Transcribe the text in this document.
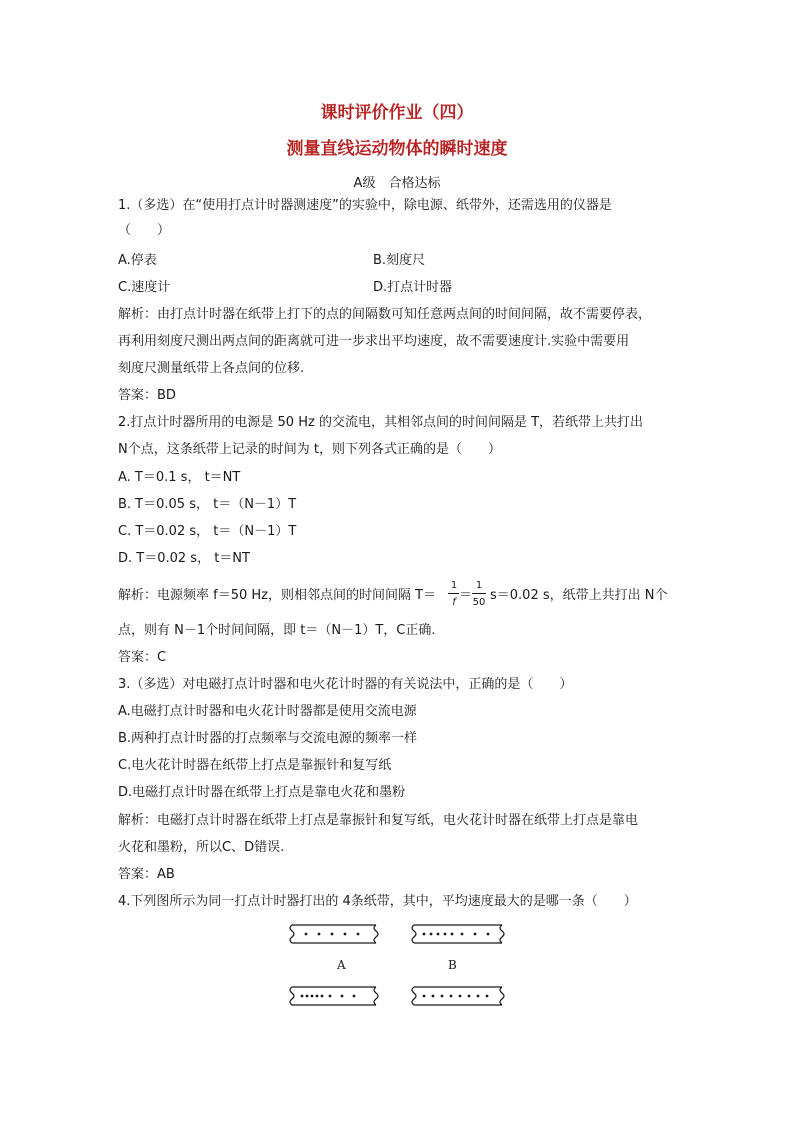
课时评价作业（四）
测量直线运动物体的瞬时速度
A级　合格达标
1.（多选）在“使用打点计时器测速度”的实验中，除电源、纸带外，还需选用的仪器是
（　　）
A.停表	B.刻度尺
C.速度计	D.打点计时器
解析：由打点计时器在纸带上打下的点的间隔数可知任意两点间的时间间隔，故不需要停表，
再利用刻度尺测出两点间的距离就可进一步求出平均速度，故不需要速度计.实验中需要用
刻度尺测量纸带上各点间的位移.
答案：BD
2.打点计时器所用的电源是 50 Hz 的交流电，其相邻点间的时间间隔是 T，若纸带上共打出
N个点，这条纸带上记录的时间为 t，则下列各式正确的是（　　）
A. T＝0.1 s， t＝NT
B. T＝0.05 s， t＝（N－1）T
C. T＝0.02 s， t＝（N－1）T
D. T＝0.02 s， t＝NT
解析：电源频率 f＝50 Hz，则相邻点间的时间间隔 T＝
1
f ＝
1
50 s＝0.02 s，纸带上共打出 N个
点，则有 N－1个时间间隔，即 t＝（N－1）T，C正确.
答案：C
3.（多选）对电磁打点计时器和电火花计时器的有关说法中，正确的是（　　）
A.电磁打点计时器和电火花计时器都是使用交流电源
B.两种打点计时器的打点频率与交流电源的频率一样
C.电火花计时器在纸带上打点是靠振针和复写纸
D.电磁打点计时器在纸带上打点是靠电火花和墨粉
解析：电磁打点计时器在纸带上打点是靠振针和复写纸，电火花计时器在纸带上打点是靠电
火花和墨粉，所以C、D错误.
答案：AB
4.下列图所示为同一打点计时器打出的 4条纸带，其中，平均速度最大的是哪一条（　　）
A	B
